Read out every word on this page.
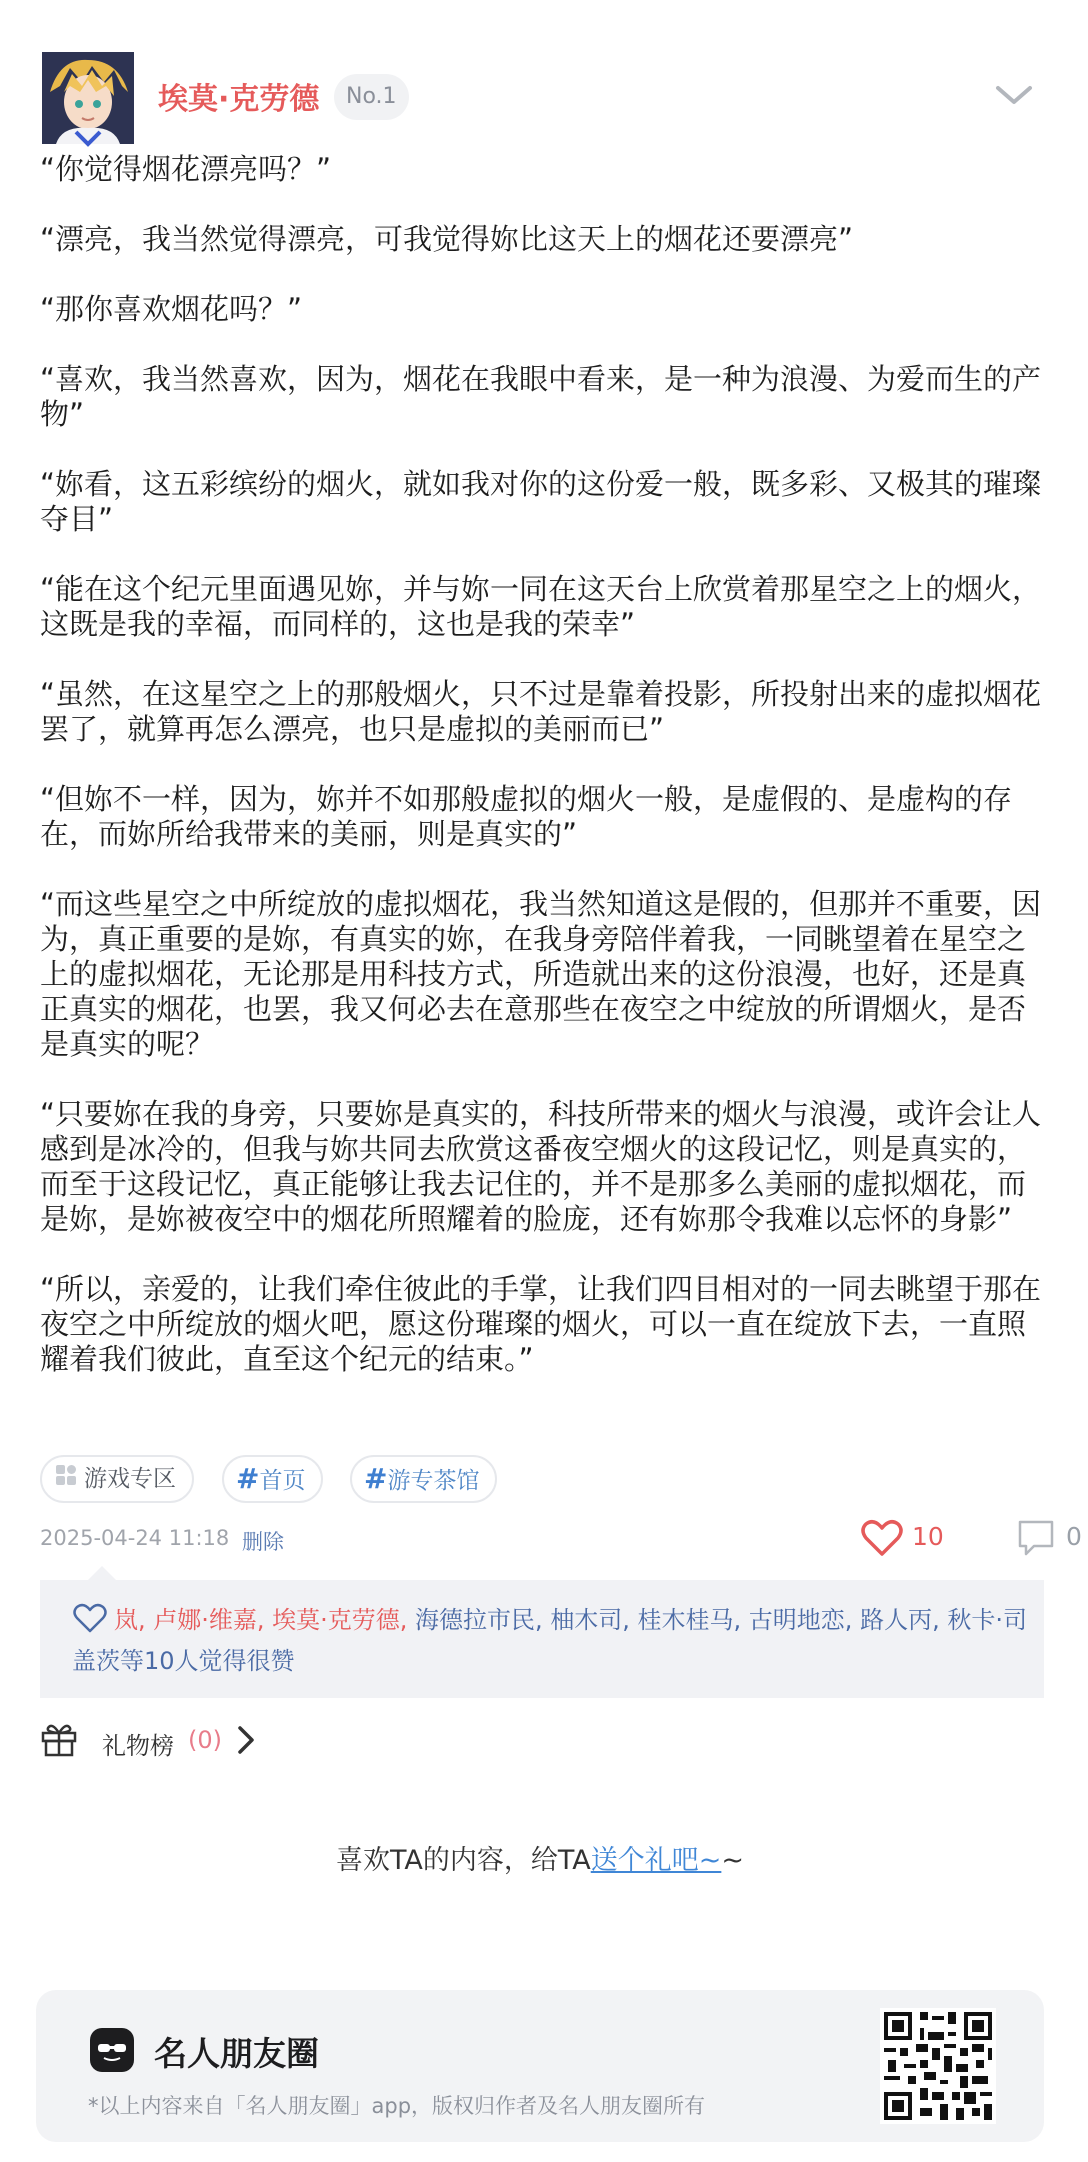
埃莫·克劳德	No.1

“你觉得烟花漂亮吗？”

“漂亮，我当然觉得漂亮，可我觉得妳比这天上的烟花还要漂亮”

“那你喜欢烟花吗？”

“喜欢，我当然喜欢，因为，烟花在我眼中看来，是一种为浪漫、为爱而生的产物”

“妳看，这五彩缤纷的烟火，就如我对你的这份爱一般，既多彩、又极其的璀璨夺目”

“能在这个纪元里面遇见妳，并与妳一同在这天台上欣赏着那星空之上的烟火，这既是我的幸福，而同样的，这也是我的荣幸”

“虽然，在这星空之上的那般烟火，只不过是靠着投影，所投射出来的虚拟烟花罢了，就算再怎么漂亮，也只是虚拟的美丽而已”

“但妳不一样，因为，妳并不如那般虚拟的烟火一般，是虚假的、是虚构的存在，而妳所给我带来的美丽，则是真实的”

“而这些星空之中所绽放的虚拟烟花，我当然知道这是假的，但那并不重要，因为，真正重要的是妳，有真实的妳，在我身旁陪伴着我，一同眺望着在星空之上的虚拟烟花，无论那是用科技方式，所造就出来的这份浪漫，也好，还是真正真实的烟花，也罢，我又何必去在意那些在夜空之中绽放的所谓烟火，是否是真实的呢？

“只要妳在我的身旁，只要妳是真实的，科技所带来的烟火与浪漫，或许会让人感到是冰冷的，但我与妳共同去欣赏这番夜空烟火的这段记忆，则是真实的，而至于这段记忆，真正能够让我去记住的，并不是那多么美丽的虚拟烟花，而是妳，是妳被夜空中的烟花所照耀着的脸庞，还有妳那令我难以忘怀的身影”

“所以，亲爱的，让我们牵住彼此的手掌，让我们四目相对的一同去眺望于那在夜空之中所绽放的烟火吧，愿这份璀璨的烟火，可以一直在绽放下去，一直照耀着我们彼此，直至这个纪元的结束。”

游戏专区	#首页	#游专茶馆
2025-04-24 11:18 删除	10	0
岚, 卢娜·维嘉, 埃莫·克劳德, 海德拉市民, 柚木司, 桂木桂马, 古明地恋, 路人丙, 秋卡·司盖茨等10人觉得很赞
礼物榜 (0)
喜欢TA的内容，给TA送个礼吧~~
名人朋友圈
*以上内容来自「名人朋友圈」app，版权归作者及名人朋友圈所有
